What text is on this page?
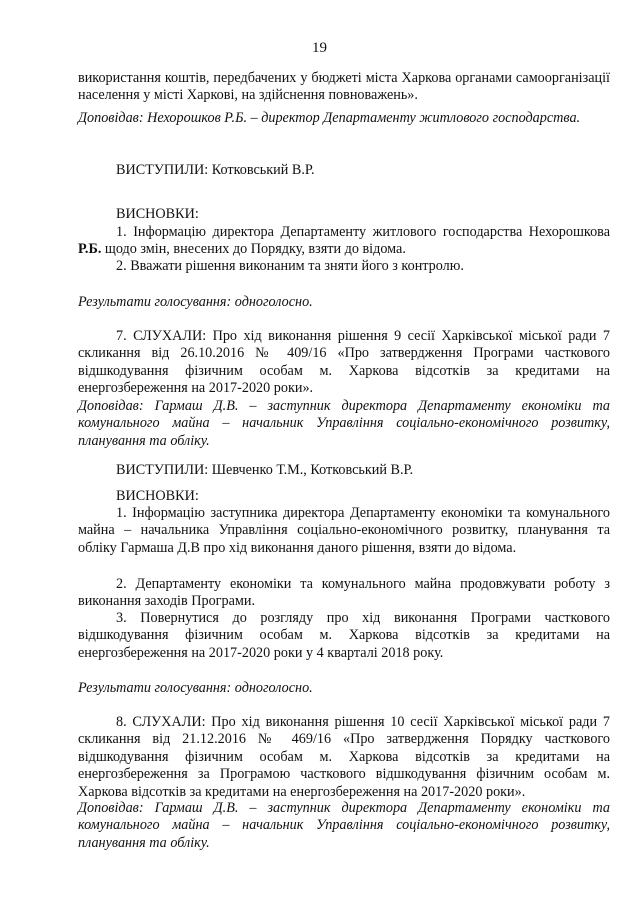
19

використання коштів, передбачених у бюджеті міста Харкова органами самоорганізації населення у місті Харкові, на здійснення повноважень».

Доповідав: Нехорошков Р.Б. – директор Департаменту житлового господарства.

ВИСТУПИЛИ: Котковський В.Р.

ВИСНОВКИ:

1. Інформацію директора Департаменту житлового господарства Нехорошкова Р.Б. щодо змін, внесених до Порядку, взяти до відома.

2. Вважати рішення виконаним та зняти його з контролю.

Результати голосування: одноголосно.

7. СЛУХАЛИ: Про хід виконання рішення 9 сесії Харківської міської ради 7 скликання від 26.10.2016 № 409/16 «Про затвердження Програми часткового відшкодування фізичним особам м. Харкова відсотків за кредитами на енергозбереження на 2017-2020 роки».

Доповідав: Гармаш Д.В. – заступник директора Департаменту економіки та комунального майна – начальник Управління соціально-економічного розвитку, планування та обліку.

ВИСТУПИЛИ: Шевченко Т.М., Котковський В.Р.

ВИСНОВКИ:

1. Інформацію заступника директора Департаменту економіки та комунального майна – начальника Управління соціально-економічного розвитку, планування та обліку Гармаша Д.В про хід виконання даного рішення, взяти до відома.

2. Департаменту економіки та комунального майна продовжувати роботу з виконання заходів Програми.

3. Повернутися до розгляду про хід виконання Програми часткового відшкодування фізичним особам м. Харкова відсотків за кредитами на енергозбереження на 2017-2020 роки у 4 кварталі 2018 року.

Результати голосування: одноголосно.

8. СЛУХАЛИ: Про хід виконання рішення 10 сесії Харківської міської ради 7 скликання від 21.12.2016 № 469/16 «Про затвердження Порядку часткового відшкодування фізичним особам м. Харкова відсотків за кредитами на енергозбереження за Програмою часткового відшкодування фізичним особам м. Харкова відсотків за кредитами на енергозбереження на 2017-2020 роки».

Доповідав: Гармаш Д.В. – заступник директора Департаменту економіки та комунального майна – начальник Управління соціально-економічного розвитку, планування та обліку.
